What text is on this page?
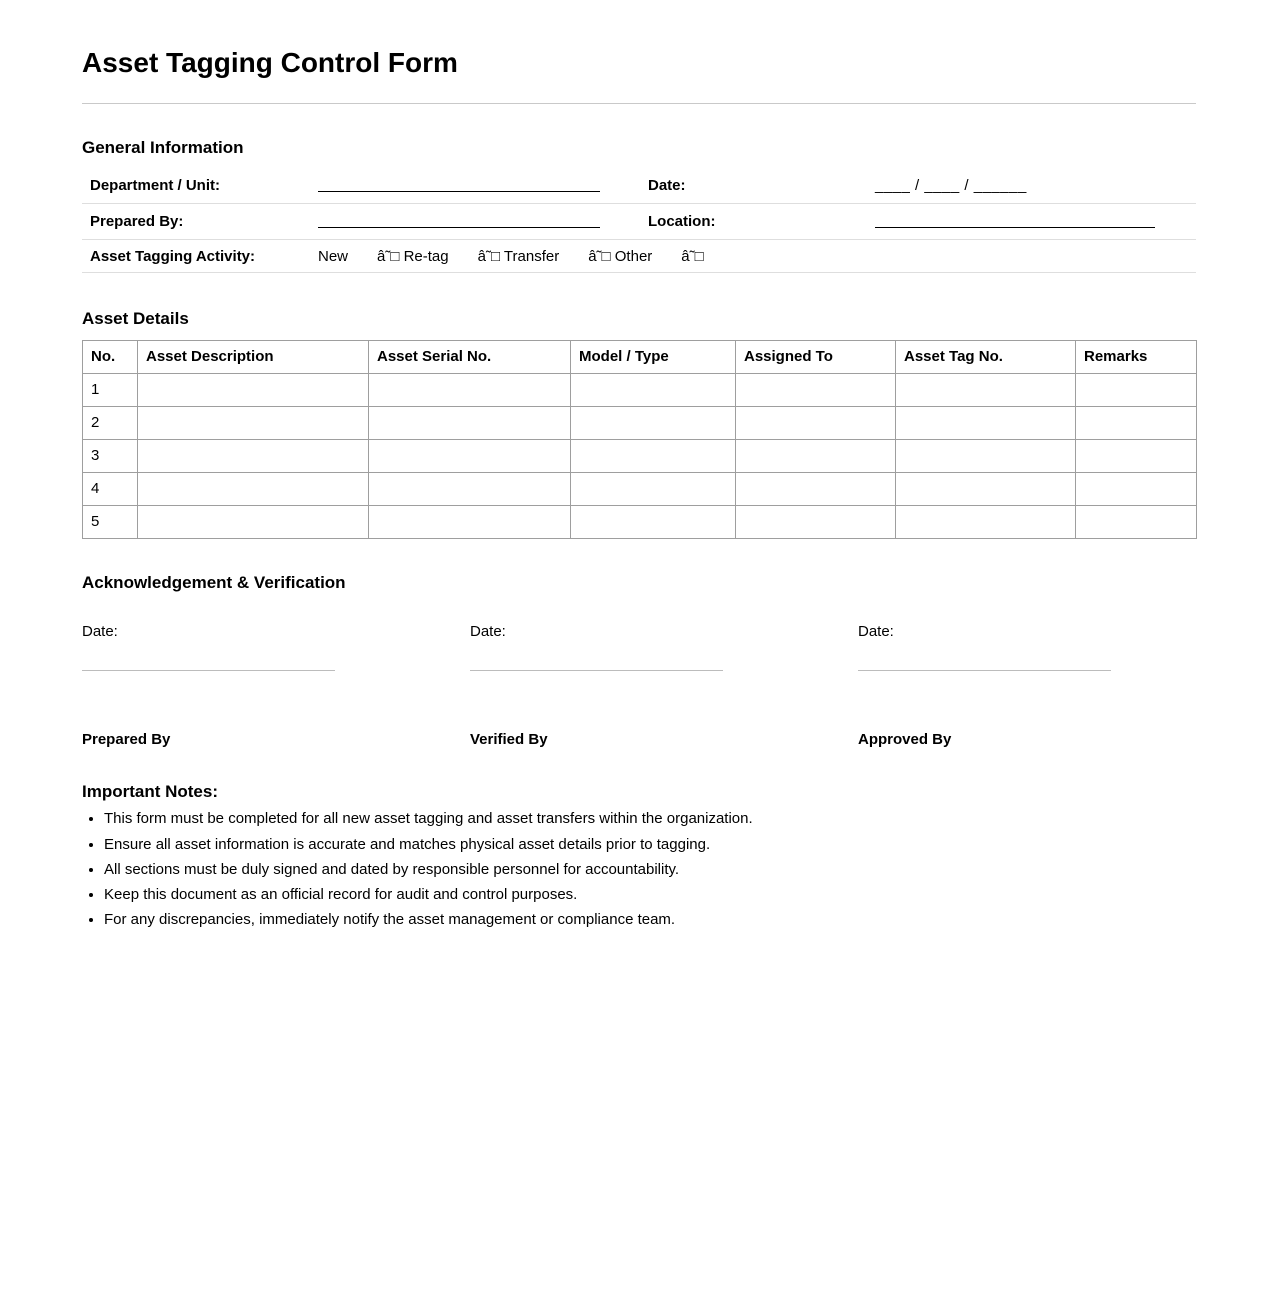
Asset Tagging Control Form
General Information
Department / Unit:	Date:	____ / ____ / ______
Prepared By:	Location:
Asset Tagging Activity:	New â˜□ Re-tag â˜□ Transfer â˜□ Other â˜□
Asset Details
No.	Asset Description	Asset Serial No.	Model / Type	Assigned To	Asset Tag No.	Remarks
1						
2						
3						
4						
5						
Acknowledgement & Verification
Date:
Prepared By
Date:
Verified By
Date:
Approved By
Important Notes:
• This form must be completed for all new asset tagging and asset transfers within the organization.
• Ensure all asset information is accurate and matches physical asset details prior to tagging.
• All sections must be duly signed and dated by responsible personnel for accountability.
• Keep this document as an official record for audit and control purposes.
• For any discrepancies, immediately notify the asset management or compliance team.
